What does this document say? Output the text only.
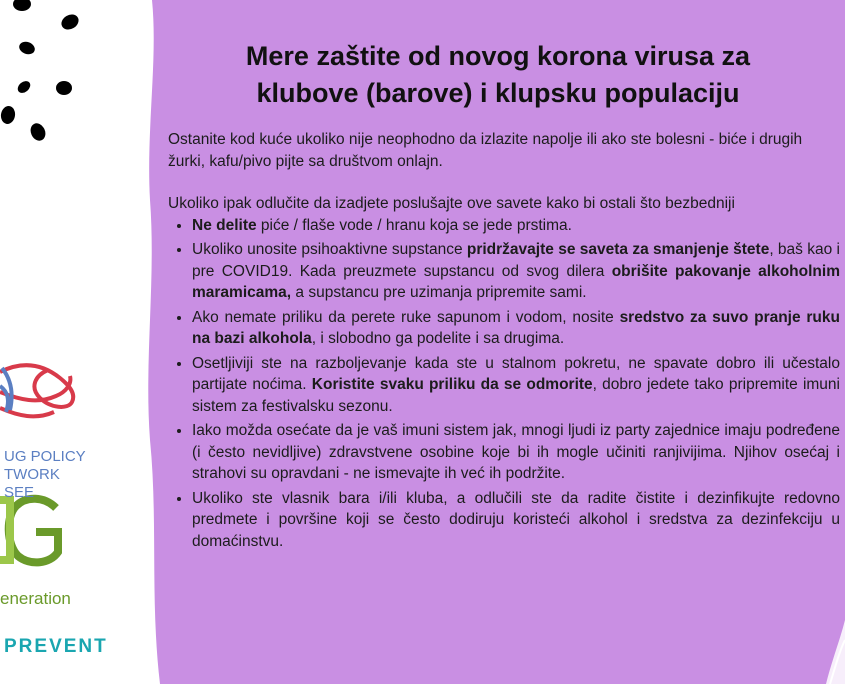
UG POLICY
TWORK SEE
eneration
PREVENT
Mere zaštite od novog korona virusa za
klubove (barove) i klupsku populaciju

Ostanite kod kuće ukoliko nije neophodno da izlazite napolje ili ako ste bolesni - biće i drugih žurki, kafu/pivo pijte sa društvom onlajn.

Ukoliko ipak odlučite da izadjete poslušajte ove savete kako bi ostali što bezbedniji

• Ne delite piće / flaše vode / hranu koja se jede prstima.
• Ukoliko unosite psihoaktivne supstance pridržavajte se saveta za smanjenje štete, baš kao i pre COVID19. Kada preuzmete supstancu od svog dilera obrišite pakovanje alkoholnim maramicama, a supstancu pre uzimanja pripremite sami.
• Ako nemate priliku da perete ruke sapunom i vodom, nosite sredstvo za suvo pranje ruku na bazi alkohola, i slobodno ga podelite i sa drugima.
• Osetljiviji ste na razboljevanje kada ste u stalnom pokretu, ne spavate dobro ili učestalo partijate noćima. Koristite svaku priliku da se odmorite, dobro jedete tako pripremite imuni sistem za festivalsku sezonu.
• Iako možda osećate da je vaš imuni sistem jak, mnogi ljudi iz party zajednice imaju podređene (i često nevidljive) zdravstvene osobine koje bi ih mogle učiniti ranjivijima. Njihov osećaj i strahovi su opravdani - ne ismevajte ih već ih podržite.
• Ukoliko ste vlasnik bara i/ili kluba, a odlučili ste da radite čistite i dezinfikujte redovno predmete i površine koji se često dodiruju koristeći alkohol i sredstva za dezinfekciju u domaćinstvu.
